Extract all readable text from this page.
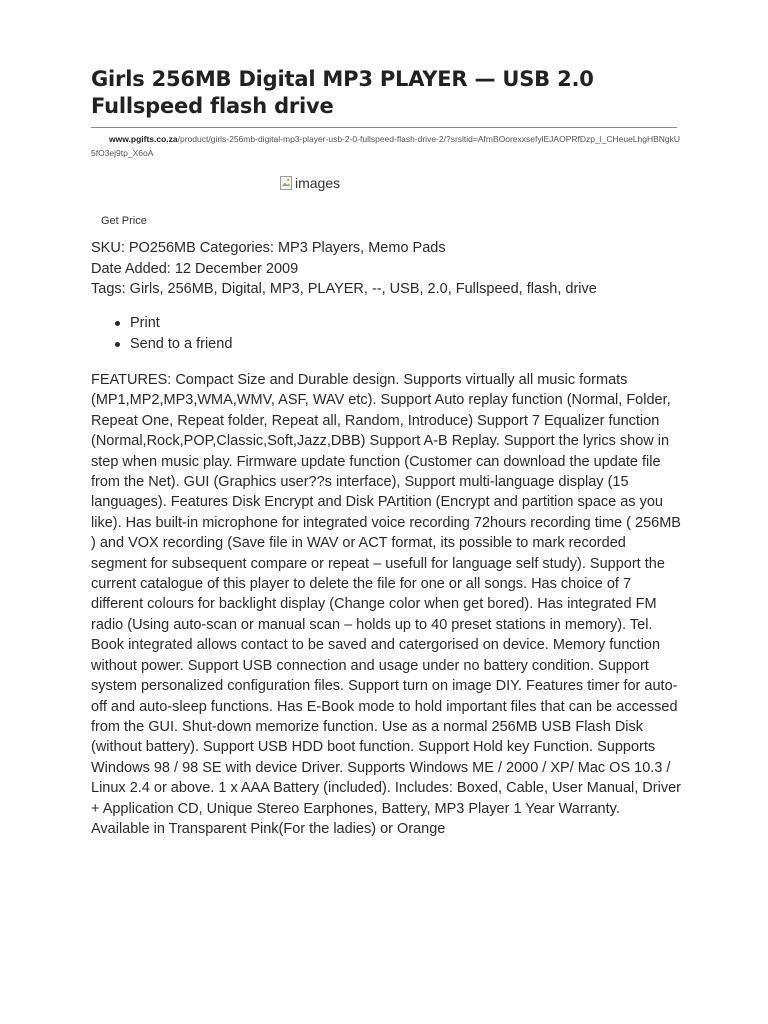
Girls 256MB Digital MP3 PLAYER — USB 2.0 Fullspeed flash drive
www.pgifts.co.za/product/girls-256mb-digital-mp3-player-usb-2-0-fullspeed-flash-drive-2/?srsltid=AfmBOorexxsefylEJAOPRfDzp_l_CHeueLhgHBNgkU5fO3ej9tp_X6oA
images
Get Price
SKU: PO256MB Categories: MP3 Players, Memo Pads
Date Added: 12 December 2009
Tags: Girls, 256MB, Digital, MP3, PLAYER, --, USB, 2.0, Fullspeed, flash, drive
Print
Send to a friend

FEATURES: Compact Size and Durable design. Supports virtually all music formats (MP1,MP2,MP3,WMA,WMV, ASF, WAV etc). Support Auto replay function (Normal, Folder, Repeat One, Repeat folder, Repeat all, Random, Introduce) Support 7 Equalizer function (Normal,Rock,POP,Classic,Soft,Jazz,DBB) Support A-B Replay. Support the lyrics show in step when music play. Firmware update function (Customer can download the update file from the Net). GUI (Graphics user??s interface), Support multi-language display (15 languages). Features Disk Encrypt and Disk PArtition (Encrypt and partition space as you like). Has built-in microphone for integrated voice recording 72hours recording time ( 256MB ) and VOX recording (Save file in WAV or ACT format, its possible to mark recorded segment for subsequent compare or repeat – usefull for language self study). Support the current catalogue of this player to delete the file for one or all songs. Has choice of 7 different colours for backlight display (Change color when get bored). Has integrated FM radio (Using auto-scan or manual scan – holds up to 40 preset stations in memory). Tel. Book integrated allows contact to be saved and catergorised on device. Memory function without power. Support USB connection and usage under no battery condition. Support system personalized configuration files. Support turn on image DIY. Features timer for auto-off and auto-sleep functions. Has E-Book mode to hold important files that can be accessed from the GUI. Shut-down memorize function. Use as a normal 256MB USB Flash Disk (without battery). Support USB HDD boot function. Support Hold key Function. Supports Windows 98 / 98 SE with device Driver. Supports Windows ME / 2000 / XP/ Mac OS 10.3 / Linux 2.4 or above. 1 x AAA Battery (included). Includes: Boxed, Cable, User Manual, Driver + Application CD, Unique Stereo Earphones, Battery, MP3 Player 1 Year Warranty. Available in Transparent Pink(For the ladies) or Orange
